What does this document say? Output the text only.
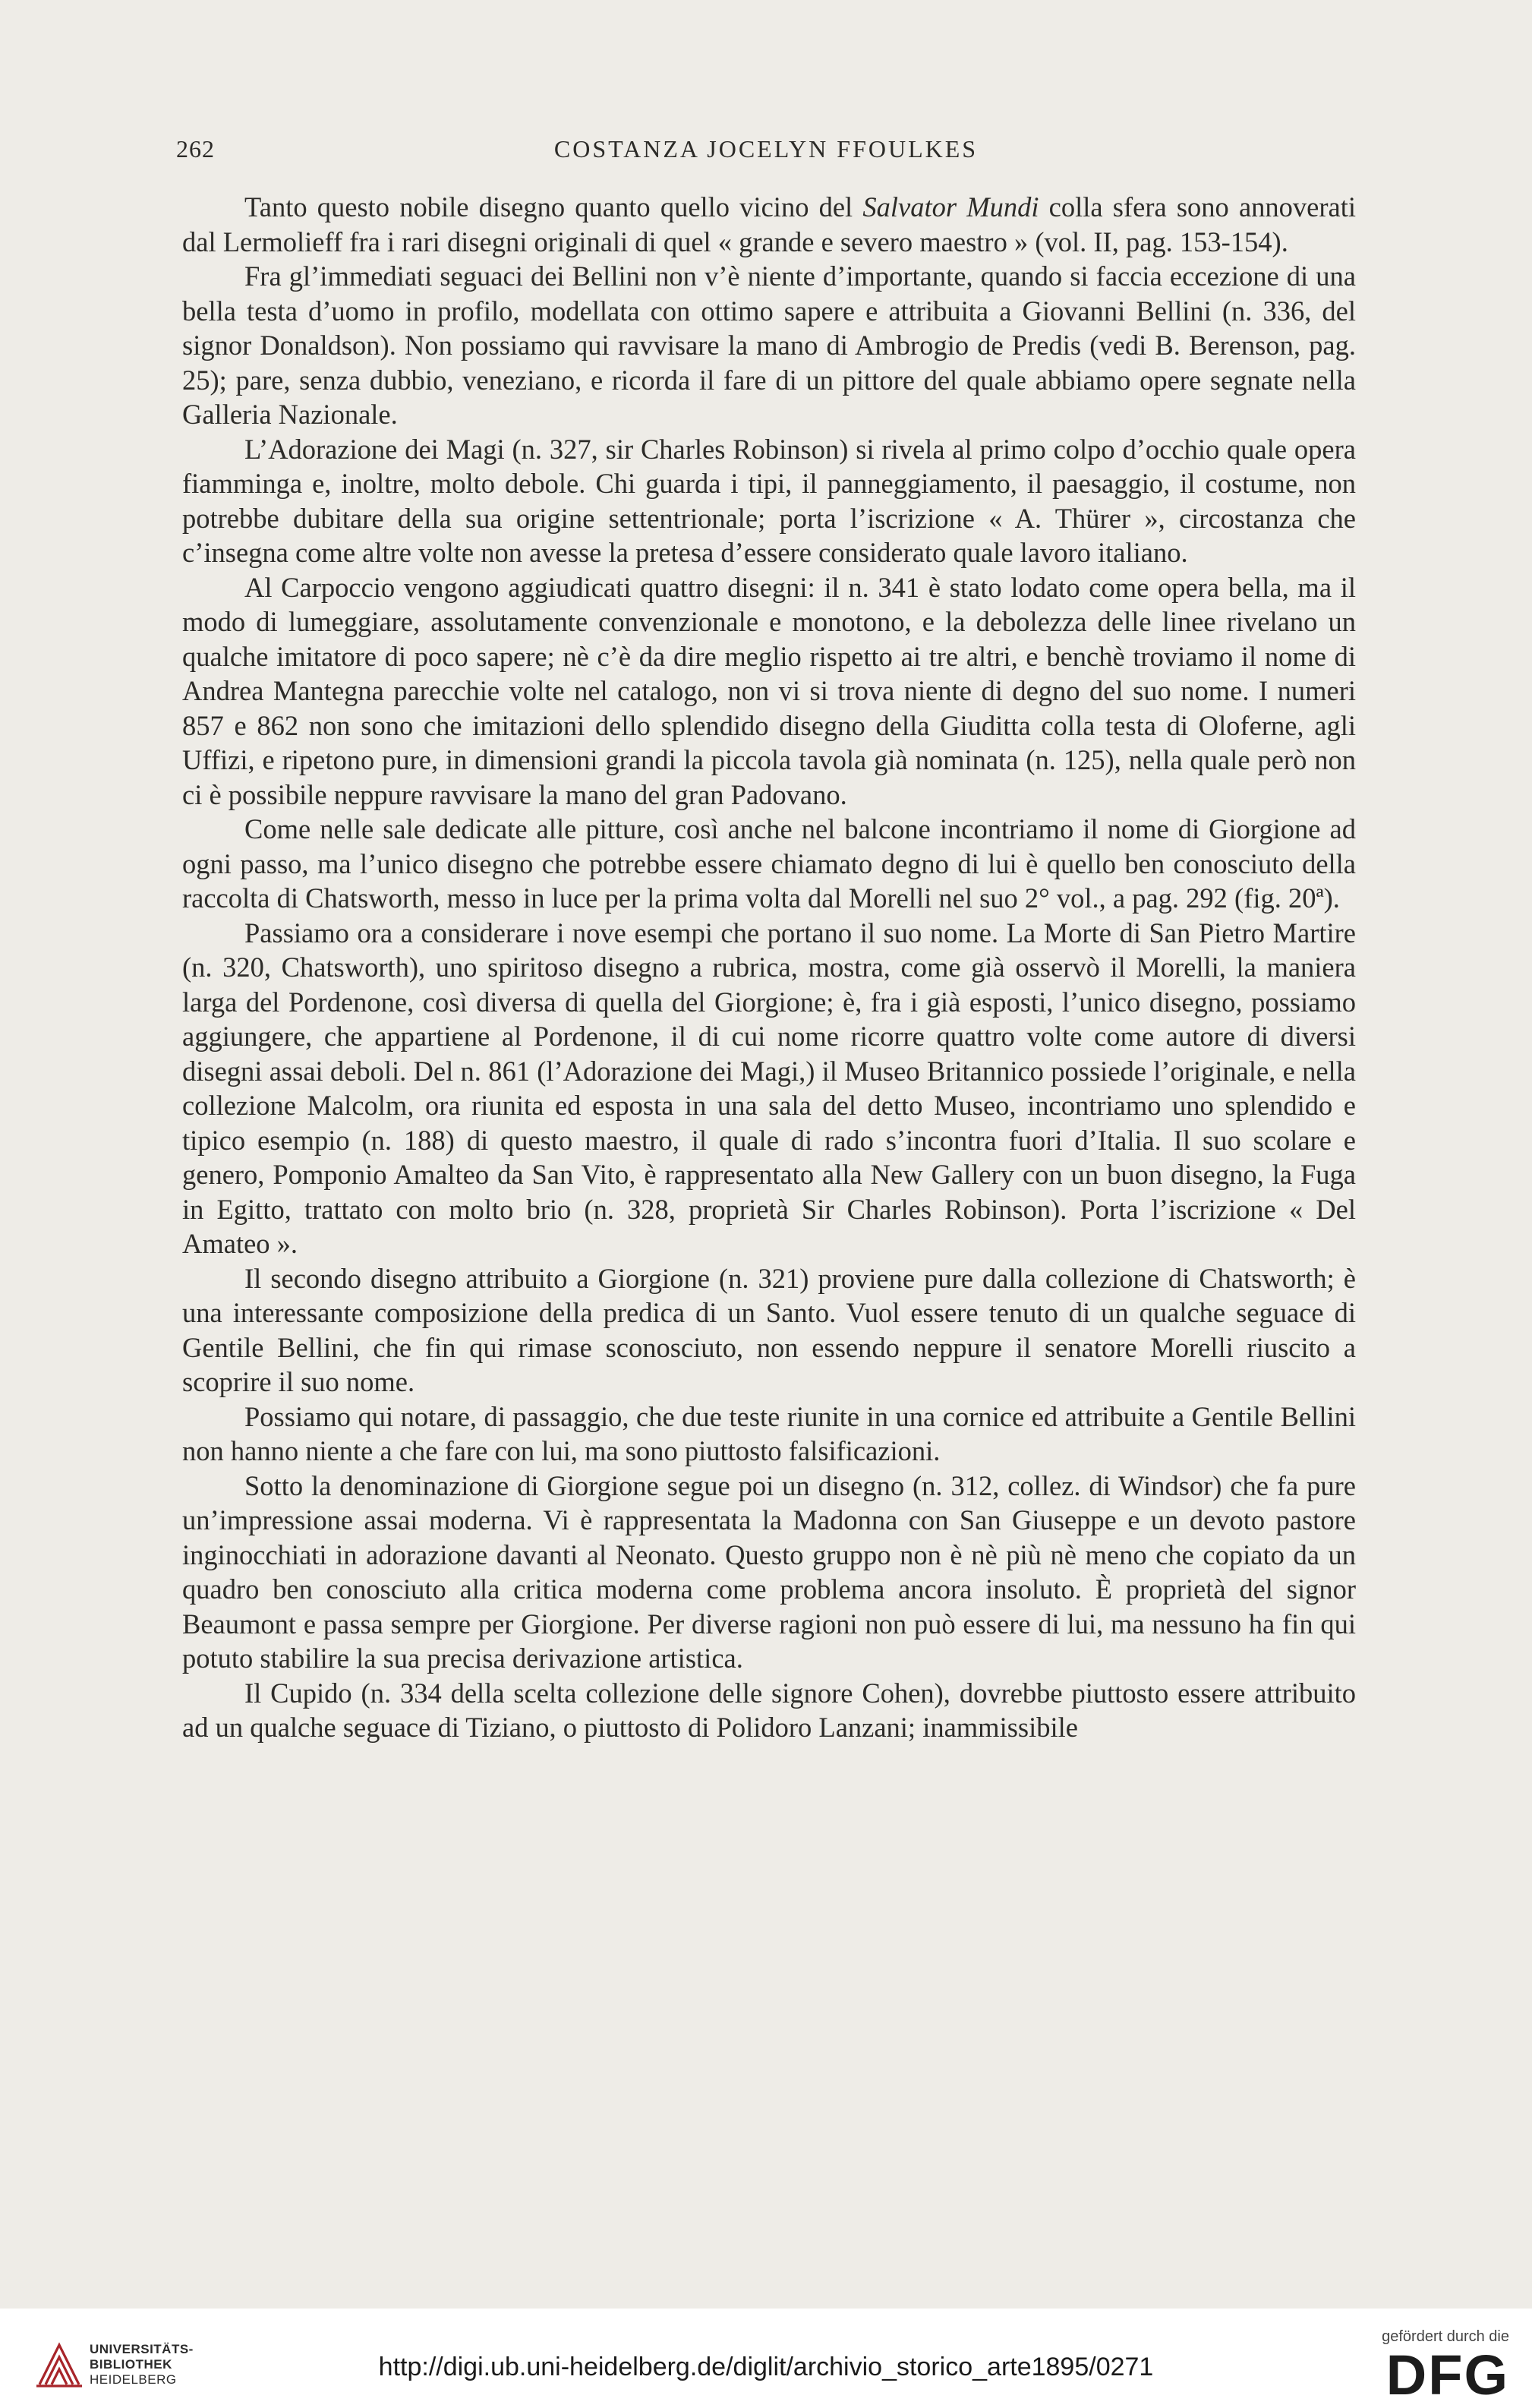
262	COSTANZA JOCELYN FFOULKES

Tanto questo nobile disegno quanto quello vicino del Salvator Mundi colla sfera sono annoverati dal Lermolieff fra i rari disegni originali di quel « grande e severo maestro » (vol. II, pag. 153-154).

Fra gl’immediati seguaci dei Bellini non v’è niente d’importante, quando si faccia eccezione di una bella testa d’uomo in profilo, modellata con ottimo sapere e attribuita a Giovanni Bellini (n. 336, del signor Donaldson). Non possiamo qui ravvisare la mano di Ambrogio de Predis (vedi B. Berenson, pag. 25); pare, senza dubbio, veneziano, e ricorda il fare di un pittore del quale abbiamo opere segnate nella Galleria Nazionale.

L’Adorazione dei Magi (n. 327, sir Charles Robinson) si rivela al primo colpo d’occhio quale opera fiamminga e, inoltre, molto debole. Chi guarda i tipi, il panneggiamento, il paesaggio, il costume, non potrebbe dubitare della sua origine settentrionale; porta l’iscrizione « A. Thürer », circostanza che c’insegna come altre volte non avesse la pretesa d’essere considerato quale lavoro italiano.

Al Carpoccio vengono aggiudicati quattro disegni: il n. 341 è stato lodato come opera bella, ma il modo di lumeggiare, assolutamente convenzionale e monotono, e la debolezza delle linee rivelano un qualche imitatore di poco sapere; nè c’è da dire meglio rispetto ai tre altri, e benchè troviamo il nome di Andrea Mantegna parecchie volte nel catalogo, non vi si trova niente di degno del suo nome. I numeri 857 e 862 non sono che imitazioni dello splendido disegno della Giuditta colla testa di Oloferne, agli Uffizi, e ripetono pure, in dimensioni grandi la piccola tavola già nominata (n. 125), nella quale però non ci è possibile neppure ravvisare la mano del gran Padovano.

Come nelle sale dedicate alle pitture, così anche nel balcone incontriamo il nome di Giorgione ad ogni passo, ma l’unico disegno che potrebbe essere chiamato degno di lui è quello ben conosciuto della raccolta di Chatsworth, messo in luce per la prima volta dal Morelli nel suo 2° vol., a pag. 292 (fig. 20ª).

Passiamo ora a considerare i nove esempi che portano il suo nome. La Morte di San Pietro Martire (n. 320, Chatsworth), uno spiritoso disegno a rubrica, mostra, come già osservò il Morelli, la maniera larga del Pordenone, così diversa di quella del Giorgione; è, fra i già esposti, l’unico disegno, possiamo aggiungere, che appartiene al Pordenone, il di cui nome ricorre quattro volte come autore di diversi disegni assai deboli. Del n. 861 (l’Adorazione dei Magi,) il Museo Britannico possiede l’originale, e nella collezione Malcolm, ora riunita ed esposta in una sala del detto Museo, incontriamo uno splendido e tipico esempio (n. 188) di questo maestro, il quale di rado s’incontra fuori d’Italia. Il suo scolare e genero, Pomponio Amalteo da San Vito, è rappresentato alla New Gallery con un buon disegno, la Fuga in Egitto, trattato con molto brio (n. 328, proprietà Sir Charles Robinson). Porta l’iscrizione « Del Amateo ».

Il secondo disegno attribuito a Giorgione (n. 321) proviene pure dalla collezione di Chatsworth; è una interessante composizione della predica di un Santo. Vuol essere tenuto di un qualche seguace di Gentile Bellini, che fin qui rimase sconosciuto, non essendo neppure il senatore Morelli riuscito a scoprire il suo nome.

Possiamo qui notare, di passaggio, che due teste riunite in una cornice ed attribuite a Gentile Bellini non hanno niente a che fare con lui, ma sono piuttosto falsificazioni.

Sotto la denominazione di Giorgione segue poi un disegno (n. 312, collez. di Windsor) che fa pure un’impressione assai moderna. Vi è rappresentata la Madonna con San Giuseppe e un devoto pastore inginocchiati in adorazione davanti al Neonato. Questo gruppo non è nè più nè meno che copiato da un quadro ben conosciuto alla critica moderna come problema ancora insoluto. È proprietà del signor Beaumont e passa sempre per Giorgione. Per diverse ragioni non può essere di lui, ma nessuno ha fin qui potuto stabilire la sua precisa derivazione artistica.

Il Cupido (n. 334 della scelta collezione delle signore Cohen), dovrebbe piuttosto essere attribuito ad un qualche seguace di Tiziano, o piuttosto di Polidoro Lanzani; inammissibile

UNIVERSITÄTS-
BIBLIOTHEK
HEIDELBERG	http://digi.ub.uni-heidelberg.de/diglit/archivio_storico_arte1895/0271
gefördert durch die
DFG
